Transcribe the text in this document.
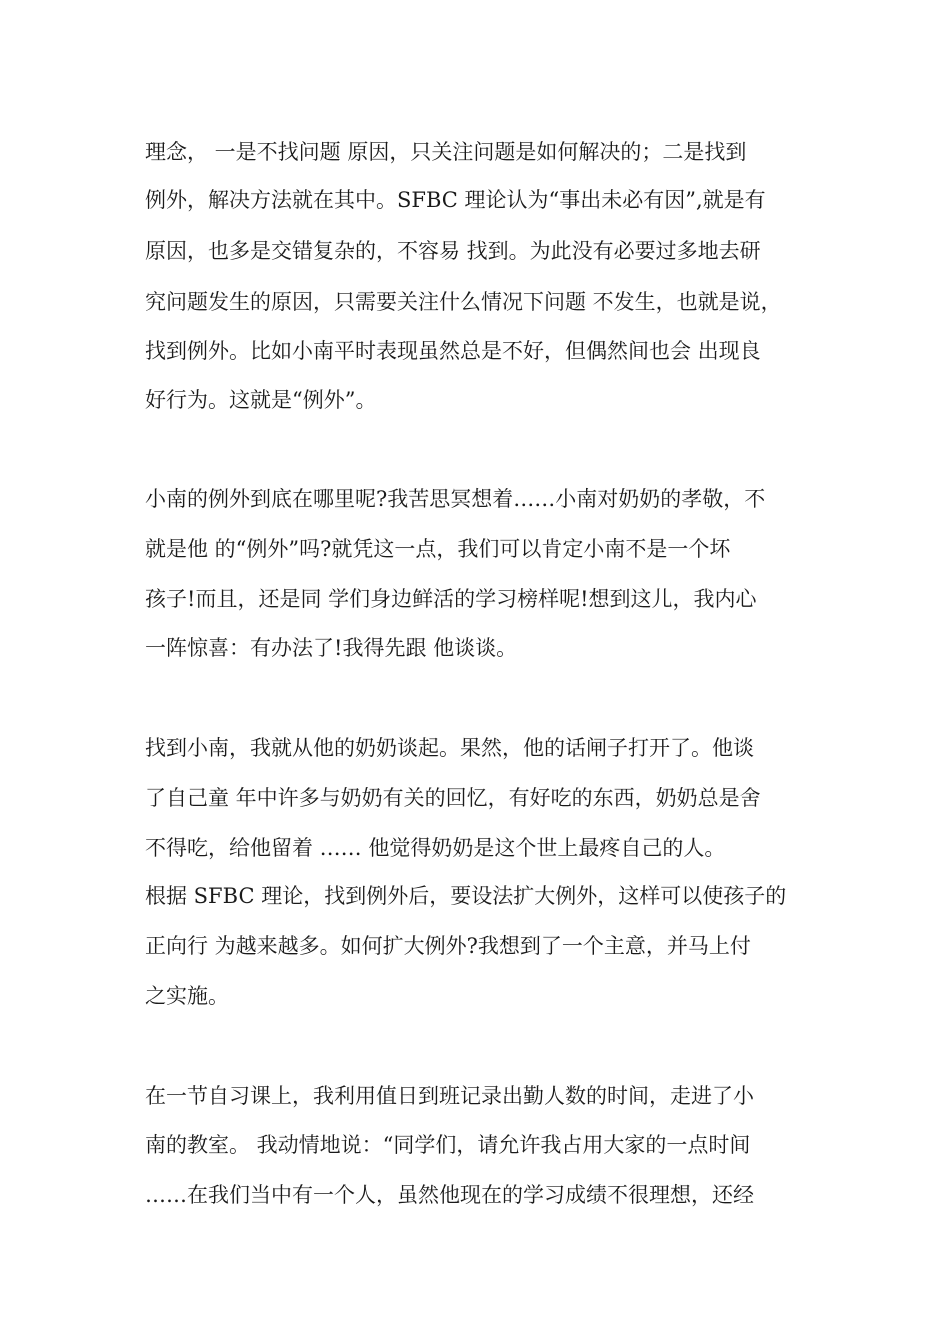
理念， 一是不找问题 原因，只关注问题是如何解决的；二是找到

例外，解决方法就在其中。SFBC 理论认为“事出未必有因”,就是有

原因，也多是交错复杂的，不容易 找到。为此没有必要过多地去研

究问题发生的原因，只需要关注什么情况下问题 不发生，也就是说，

找到例外。比如小南平时表现虽然总是不好，但偶然间也会 出现良

好行为。这就是“例外”。

小南的例外到底在哪里呢?我苦思冥想着……小南对奶奶的孝敬，不

就是他 的“例外”吗?就凭这一点，我们可以肯定小南不是一个坏

孩子!而且，还是同 学们身边鲜活的学习榜样呢!想到这儿，我内心

一阵惊喜：有办法了!我得先跟 他谈谈。

找到小南，我就从他的奶奶谈起。果然，他的话闸子打开了。他谈

了自己童 年中许多与奶奶有关的回忆，有好吃的东西，奶奶总是舍

不得吃，给他留着 …… 他觉得奶奶是这个世上最疼自己的人。

根据 SFBC 理论，找到例外后，要设法扩大例外，这样可以使孩子的

正向行 为越来越多。如何扩大例外?我想到了一个主意，并马上付

之实施。

在一节自习课上，我利用值日到班记录出勤人数的时间，走进了小

南的教室。 我动情地说：“同学们，请允许我占用大家的一点时间

……在我们当中有一个人，虽然他现在的学习成绩不很理想，还经
